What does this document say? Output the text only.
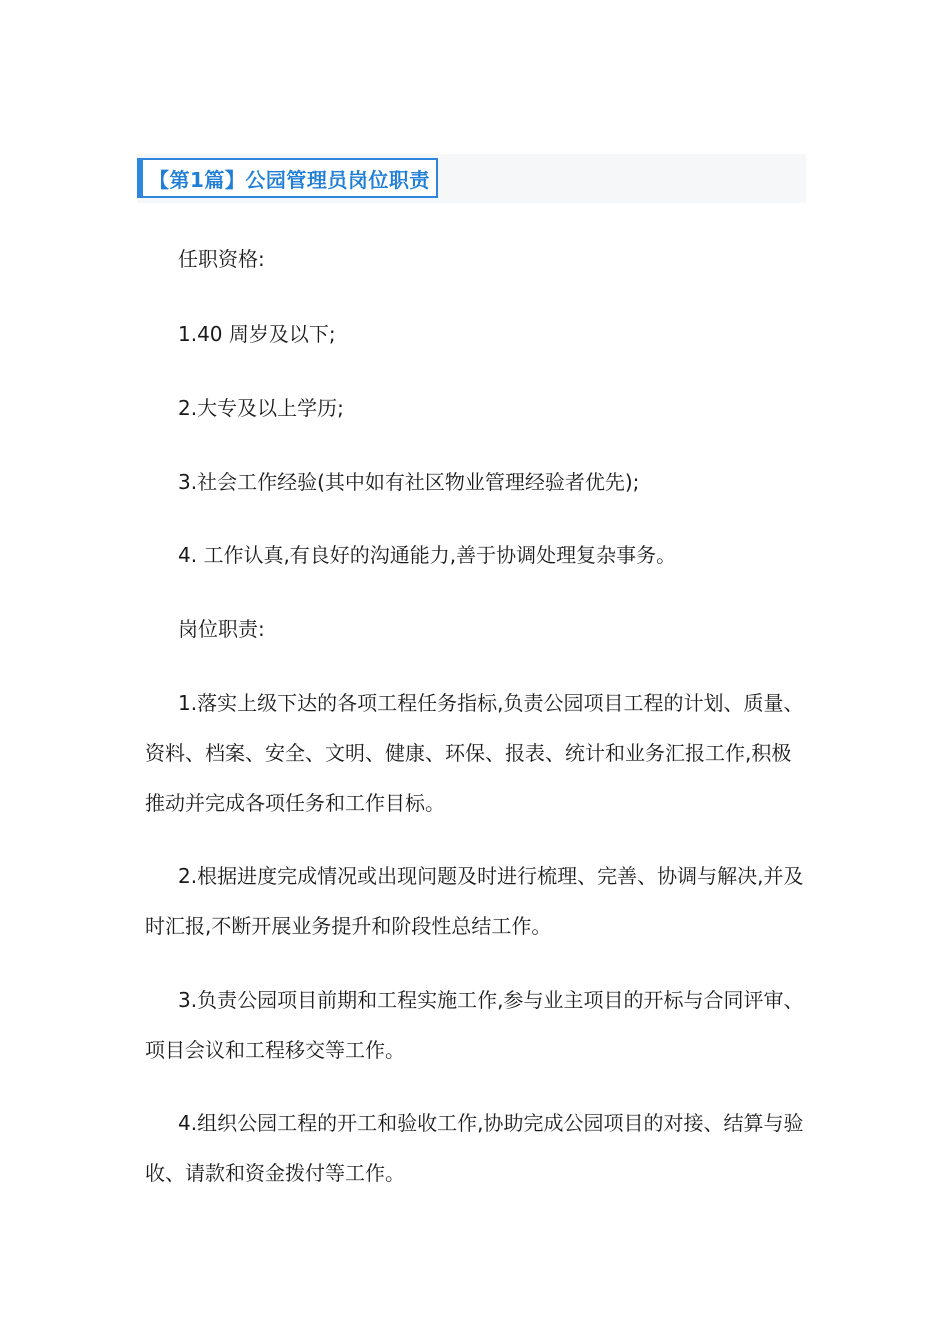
【第1篇】公园管理员岗位职责

任职资格:

1.40 周岁及以下;

2.大专及以上学历;

3.社会工作经验(其中如有社区物业管理经验者优先);

4. 工作认真,有良好的沟通能力,善于协调处理复杂事务。

岗位职责:

1.落实上级下达的各项工程任务指标,负责公园项目工程的计划、质量、资料、档案、安全、文明、健康、环保、报表、统计和业务汇报工作,积极推动并完成各项任务和工作目标。

2.根据进度完成情况或出现问题及时进行梳理、完善、协调与解决,并及时汇报,不断开展业务提升和阶段性总结工作。

3.负责公园项目前期和工程实施工作,参与业主项目的开标与合同评审、项目会议和工程移交等工作。

4.组织公园工程的开工和验收工作,协助完成公园项目的对接、结算与验收、请款和资金拨付等工作。
